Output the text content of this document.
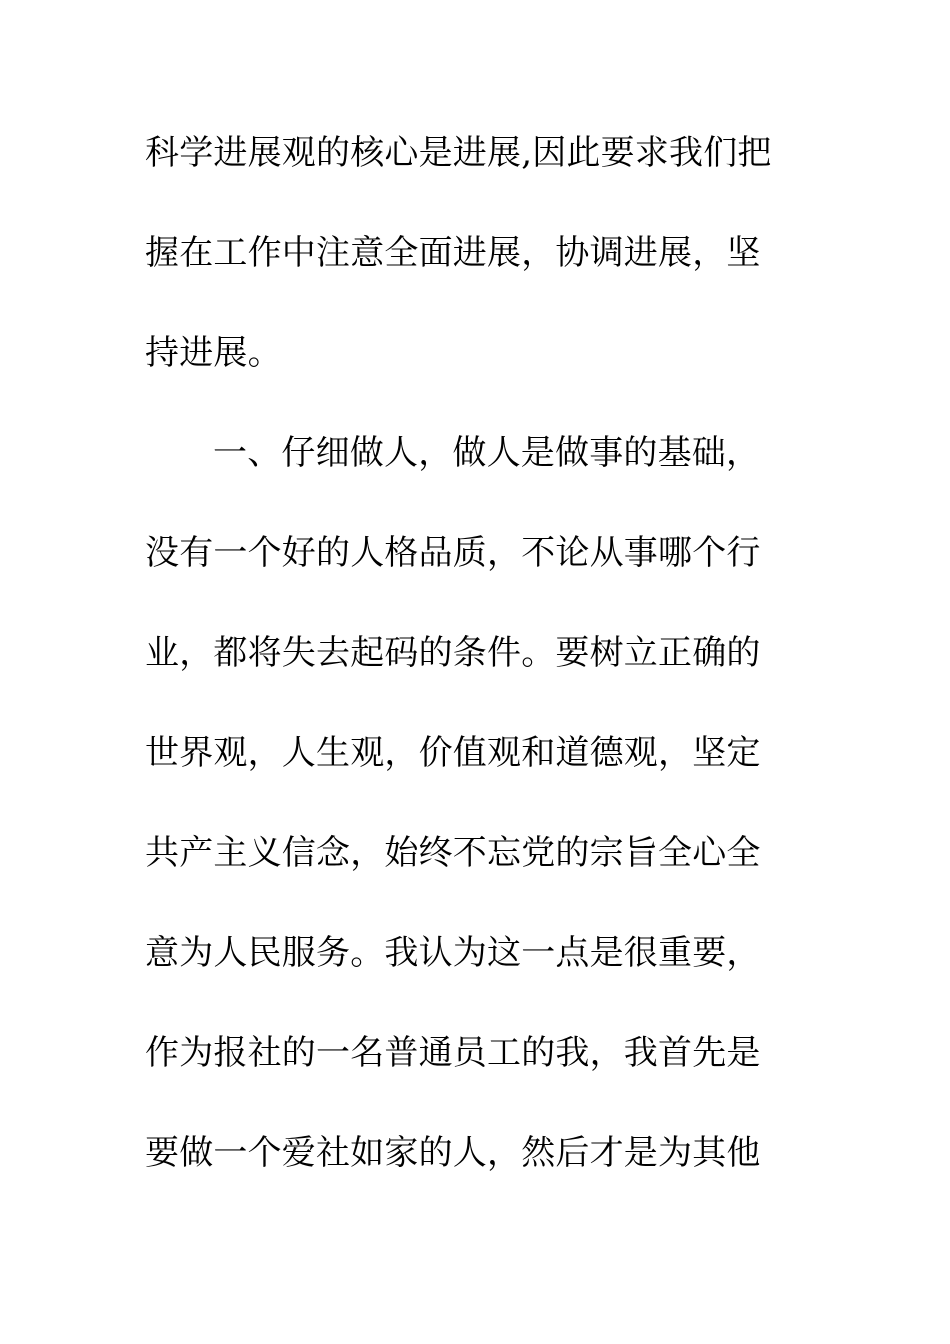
科学进展观的核心是进展,因此要求我们把
握在工作中注意全面进展，协调进展，坚
持进展。
一、仔细做人，做人是做事的基础，
没有一个好的人格品质，不论从事哪个行
业，都将失去起码的条件。要树立正确的
世界观，人生观，价值观和道德观，坚定
共产主义信念，始终不忘党的宗旨全心全
意为人民服务。我认为这一点是很重要，
作为报社的一名普通员工的我，我首先是
要做一个爱社如家的人，然后才是为其他
